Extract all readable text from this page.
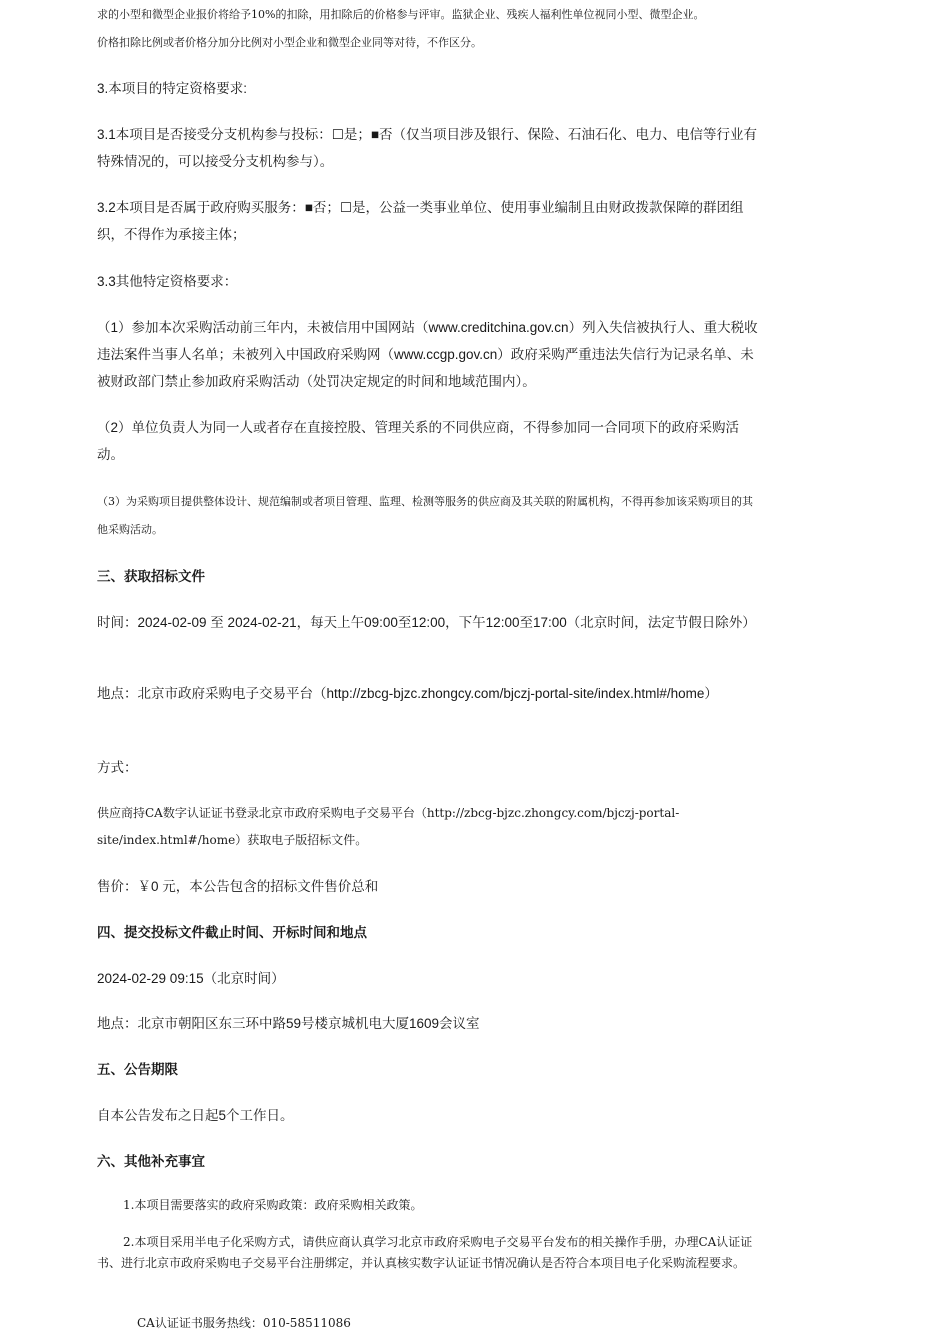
求的小型和微型企业报价将给予10%的扣除，用扣除后的价格参与评审。监狱企业、残疾人福利性单位视同小型、微型企业。

价格扣除比例或者价格分加分比例对小型企业和微型企业同等对待，不作区分。

3.本项目的特定资格要求:

3.1本项目是否接受分支机构参与投标：☐是；■否（仅当项目涉及银行、保险、石油石化、电力、电信等行业有特殊情况的，可以接受分支机构参与）。

3.2本项目是否属于政府购买服务：■否；☐是，公益一类事业单位、使用事业编制且由财政拨款保障的群团组织，不得作为承接主体；

3.3其他特定资格要求：

（1）参加本次采购活动前三年内，未被信用中国网站（www.creditchina.gov.cn）列入失信被执行人、重大税收违法案件当事人名单；未被列入中国政府采购网（www.ccgp.gov.cn）政府采购严重违法失信行为记录名单、未被财政部门禁止参加政府采购活动（处罚决定规定的时间和地域范围内）。

（2）单位负责人为同一人或者存在直接控股、管理关系的不同供应商，不得参加同一合同项下的政府采购活动。

（3）为采购项目提供整体设计、规范编制或者项目管理、监理、检测等服务的供应商及其关联的附属机构，不得再参加该采购项目的其他采购活动。

三、获取招标文件

时间：2024-02-09 至 2024-02-21，每天上午09:00至12:00，下午12:00至17:00（北京时间，法定节假日除外）

地点：北京市政府采购电子交易平台（http://zbcg-bjzc.zhongcy.com/bjczj-portal-site/index.html#/home）

方式：

供应商持CA数字认证证书登录北京市政府采购电子交易平台（http://zbcg-bjzc.zhongcy.com/bjczj-portal-site/index.html#/home）获取电子版招标文件。

售价：￥0 元，本公告包含的招标文件售价总和

四、提交投标文件截止时间、开标时间和地点

2024-02-29 09:15（北京时间）

地点：北京市朝阳区东三环中路59号楼京城机电大厦1609会议室

五、公告期限

自本公告发布之日起5个工作日。

六、其他补充事宜

1.本项目需要落实的政府采购政策：政府采购相关政策。

2.本项目采用半电子化采购方式，请供应商认真学习北京市政府采购电子交易平台发布的相关操作手册，办理CA认证证书、进行北京市政府采购电子交易平台注册绑定，并认真核实数字认证证书情况确认是否符合本项目电子化采购流程要求。

CA认证证书服务热线：010-58511086
